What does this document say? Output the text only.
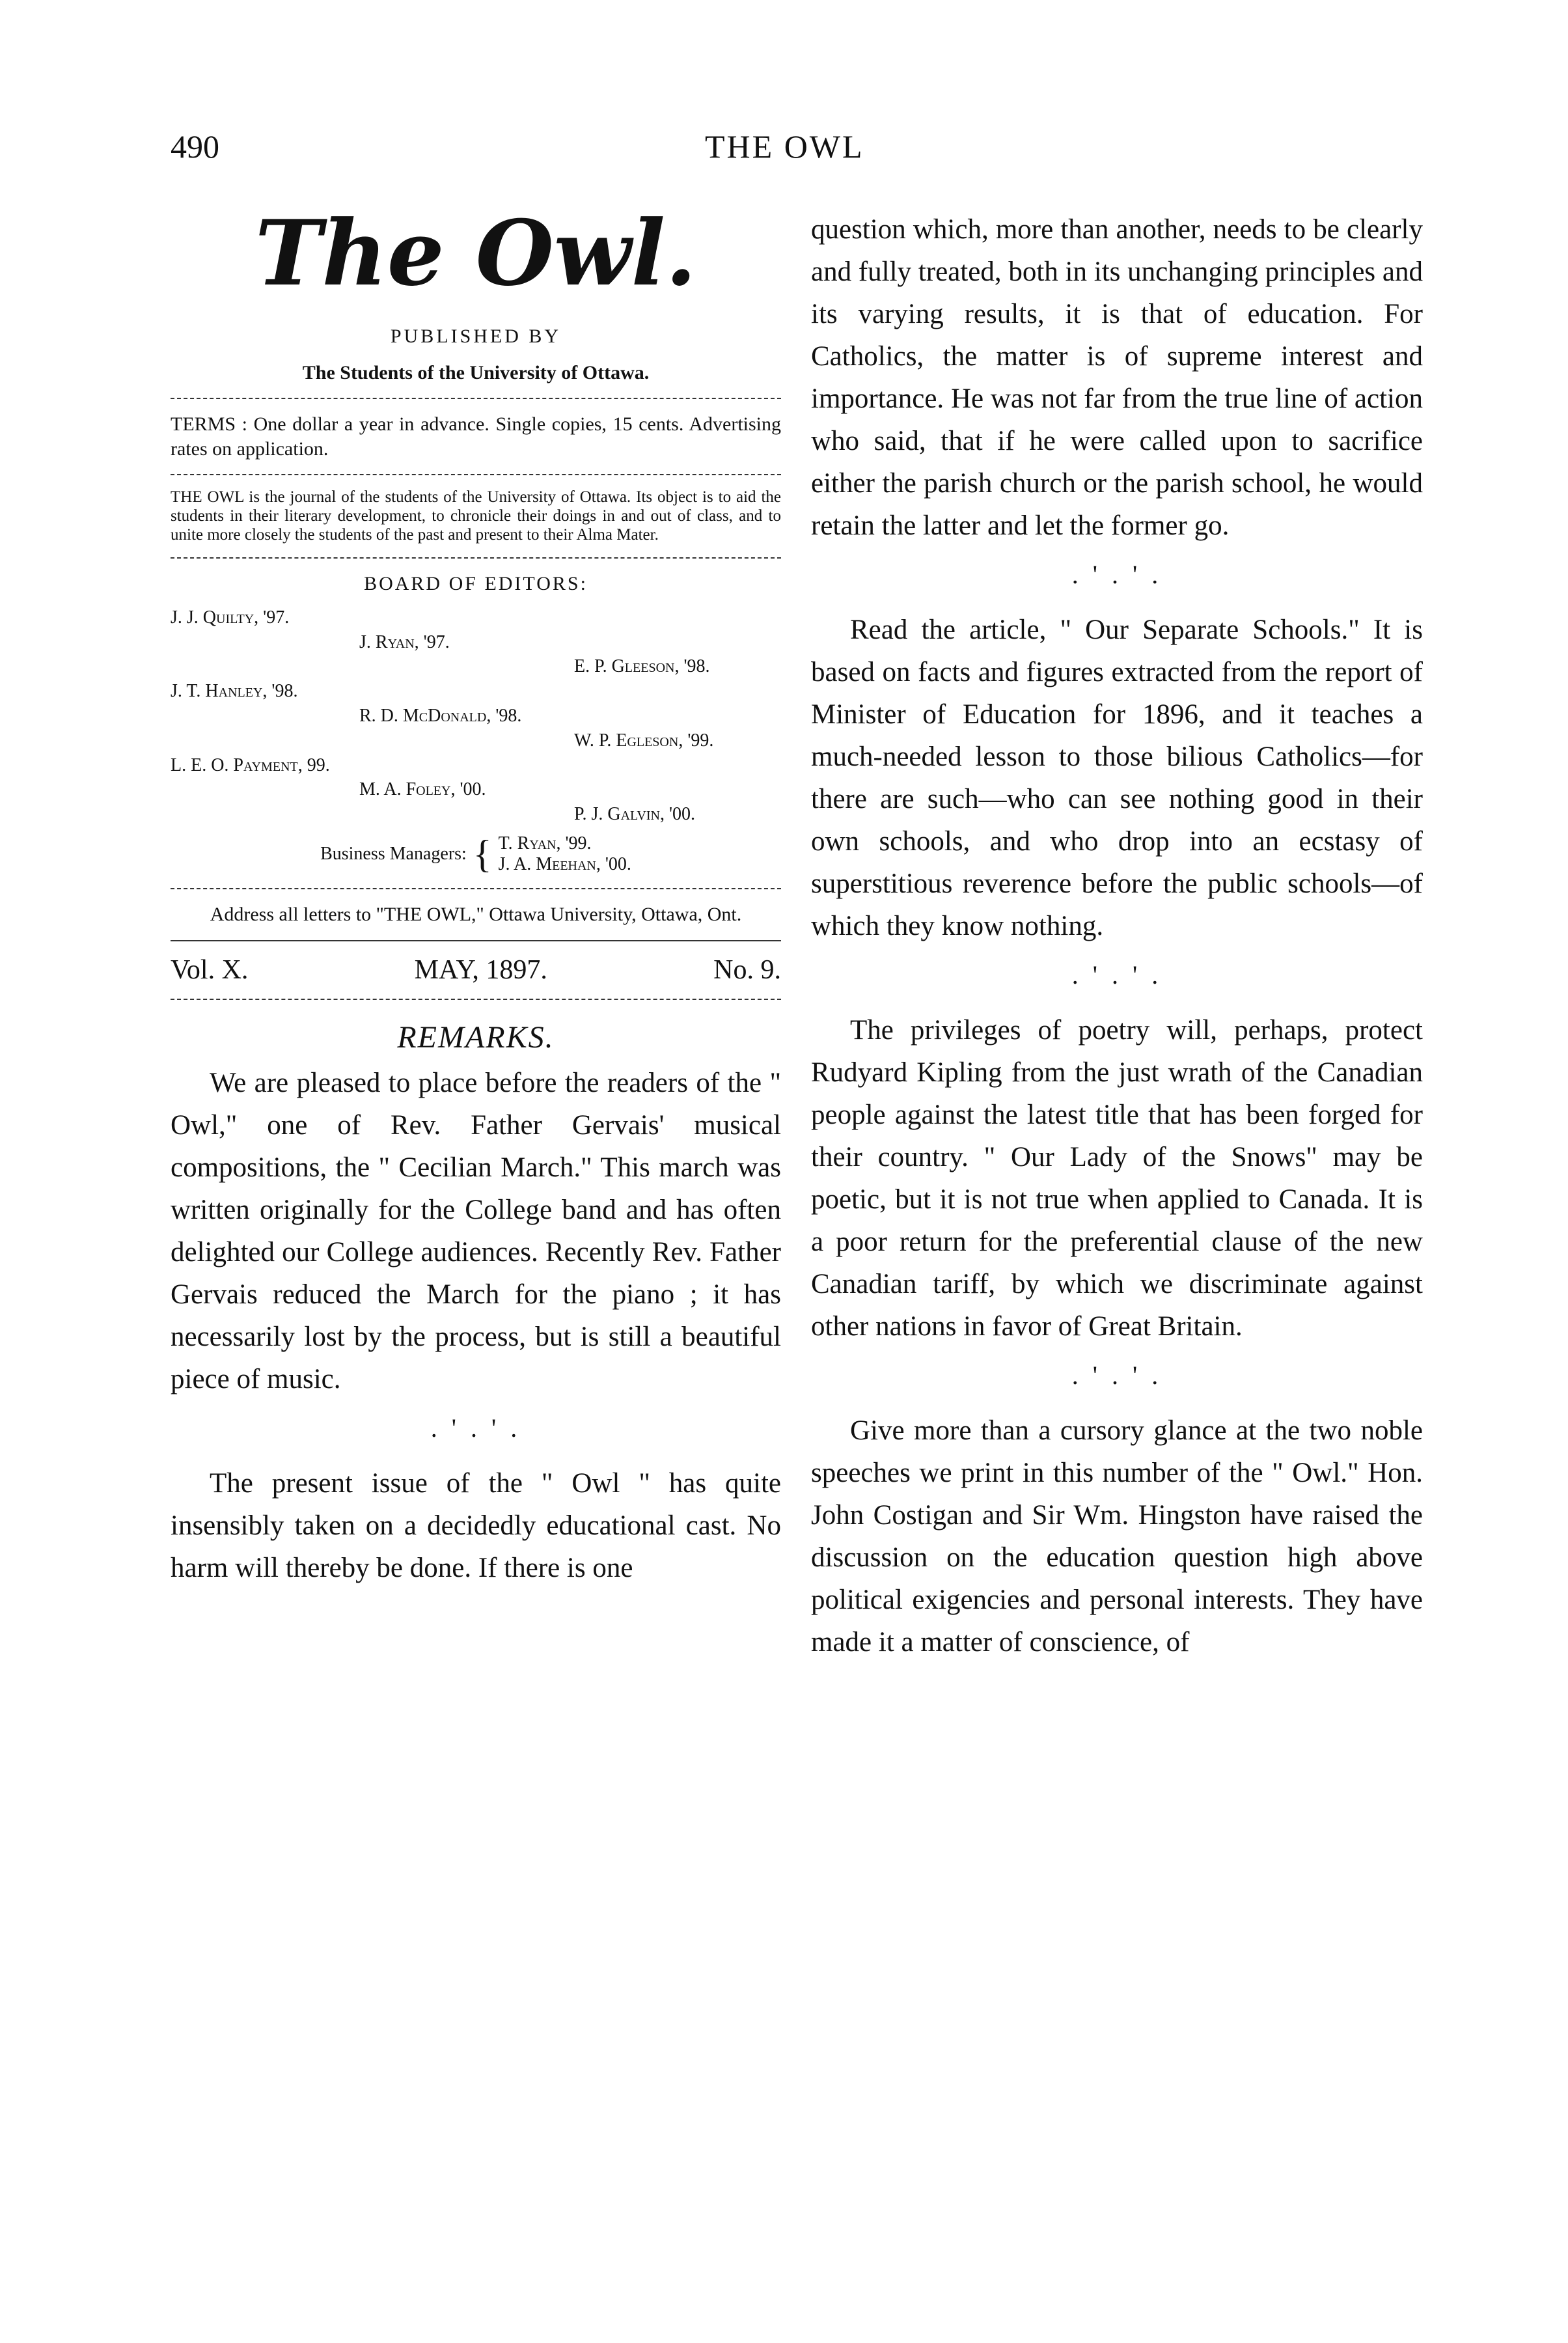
490	THE OWL
The Owl.
PUBLISHED BY
The Students of the University of Ottawa.
TERMS : One dollar a year in advance. Single copies, 15 cents. Advertising rates on application.
THE OWL is the journal of the students of the University of Ottawa. Its object is to aid the students in their literary development, to chronicle their doings in and out of class, and to unite more closely the students of the past and present to their Alma Mater.
BOARD OF EDITORS:
J. J. Quilty, '97.
J. Ryan, '97.
E. P. Gleeson, '98.
J. T. Hanley, '98.
R. D. McDonald, '98.
W. P. Egleson, '99.
L. E. O. Payment, 99.
M. A. Foley, '00.
P. J. Galvin, '00.
Business Managers: { T. Ryan, '99.
J. A. Meehan, '00.
Address all letters to "THE OWL," Ottawa University, Ottawa, Ont.
Vol. X.	MAY, 1897.	No. 9.
REMARKS.

We are pleased to place before the readers of the " Owl," one of Rev. Father Gervais' musical compositions, the " Cecilian March." This march was written originally for the College band and has often delighted our College audiences. Recently Rev. Father Gervais reduced the March for the piano ; it has necessarily lost by the process, but is still a beautiful piece of music.

. ' . ' .

The present issue of the " Owl " has quite insensibly taken on a decidedly educational cast. No harm will thereby be done. If there is one

question which, more than another, needs to be clearly and fully treated, both in its unchanging principles and its varying results, it is that of education. For Catholics, the matter is of supreme interest and importance. He was not far from the true line of action who said, that if he were called upon to sacrifice either the parish church or the parish school, he would retain the latter and let the former go.

. ' . ' .

Read the article, " Our Separate Schools." It is based on facts and figures extracted from the report of Minister of Education for 1896, and it teaches a much-needed lesson to those bilious Catholics—for there are such—who can see nothing good in their own schools, and who drop into an ecstasy of superstitious reverence before the public schools—of which they know nothing.

. ' . ' .

The privileges of poetry will, perhaps, protect Rudyard Kipling from the just wrath of the Canadian people against the latest title that has been forged for their country. " Our Lady of the Snows" may be poetic, but it is not true when applied to Canada. It is a poor return for the preferential clause of the new Canadian tariff, by which we discriminate against other nations in favor of Great Britain.

. ' . ' .

Give more than a cursory glance at the two noble speeches we print in this number of the " Owl." Hon. John Costigan and Sir Wm. Hingston have raised the discussion on the education question high above political exigencies and personal interests. They have made it a matter of conscience, of
